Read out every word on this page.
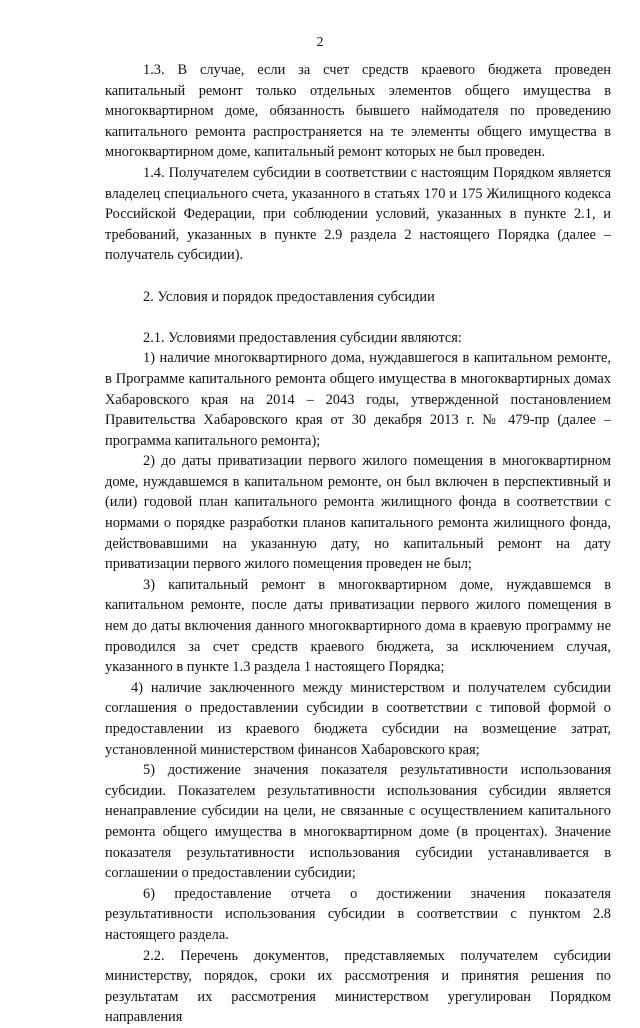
2

1.3. В случае, если за счет средств краевого бюджета проведен капитальный ремонт только отдельных элементов общего имущества в многоквартирном доме, обязанность бывшего наймодателя по проведению капитального ремонта распространяется на те элементы общего имущества в многоквартирном доме, капитальный ремонт которых не был проведен.

1.4. Получателем субсидии в соответствии с настоящим Порядком является владелец специального счета, указанного в статьях 170 и 175 Жилищного кодекса Российской Федерации, при соблюдении условий, указанных в пункте 2.1, и требований, указанных в пункте 2.9 раздела 2 настоящего Порядка (далее – получатель субсидии).

2. Условия и порядок предоставления субсидии

2.1. Условиями предоставления субсидии являются:

1) наличие многоквартирного дома, нуждавшегося в капитальном ремонте, в Программе капитального ремонта общего имущества в многоквартирных домах Хабаровского края на 2014 – 2043 годы, утвержденной постановлением Правительства Хабаровского края от 30 декабря 2013 г. № 479-пр (далее – программа капитального ремонта);

2) до даты приватизации первого жилого помещения в многоквартирном доме, нуждавшемся в капитальном ремонте, он был включен в перспективный и (или) годовой план капитального ремонта жилищного фонда в соответствии с нормами о порядке разработки планов капитального ремонта жилищного фонда, действовавшими на указанную дату, но капитальный ремонт на дату приватизации первого жилого помещения проведен не был;

3) капитальный ремонт в многоквартирном доме, нуждавшемся в капитальном ремонте, после даты приватизации первого жилого помещения в нем до даты включения данного многоквартирного дома в краевую программу не проводился за счет средств краевого бюджета, за исключением случая, указанного в пункте 1.3 раздела 1 настоящего Порядка;

4) наличие заключенного между министерством и получателем субсидии соглашения о предоставлении субсидии в соответствии с типовой формой о предоставлении из краевого бюджета субсидии на возмещение затрат, установленной министерством финансов Хабаровского края;

5) достижение значения показателя результативности использования субсидии. Показателем результативности использования субсидии является ненаправление субсидии на цели, не связанные с осуществлением капитального ремонта общего имущества в многоквартирном доме (в процентах). Значение показателя результативности использования субсидии устанавливается в соглашении о предоставлении субсидии;

6) предоставление отчета о достижении значения показателя результативности использования субсидии в соответствии с пунктом 2.8 настоящего раздела.

2.2. Перечень документов, представляемых получателем субсидии министерству, порядок, сроки их рассмотрения и принятия решения по результатам их рассмотрения министерством урегулирован Порядком направления
